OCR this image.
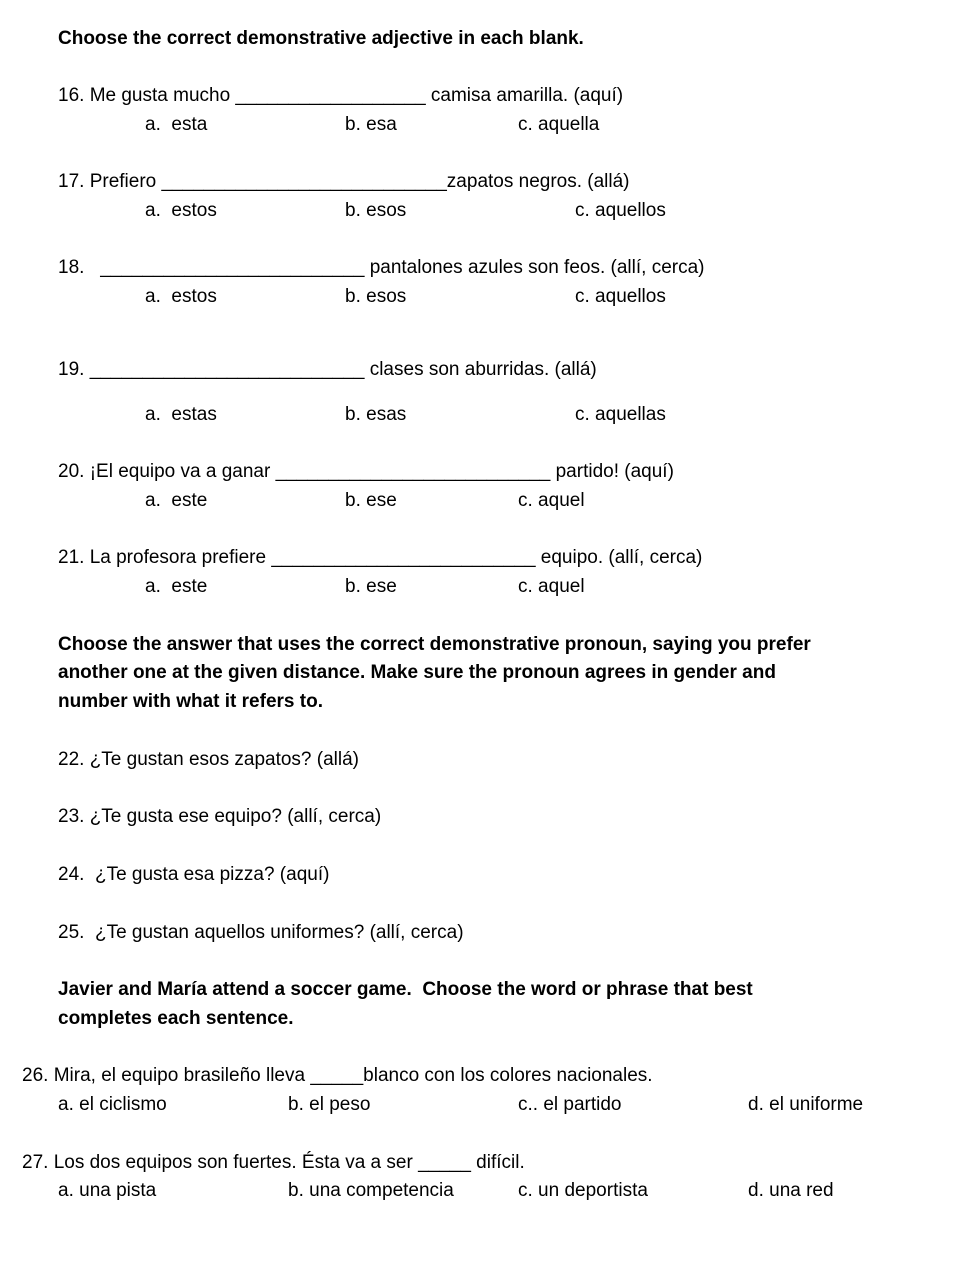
Choose the correct demonstrative adjective in each blank.
16. Me gusta mucho __________________ camisa amarilla. (aquí)
a.  esta	b. esa	c. aquella
17. Prefiero ___________________________zapatos negros. (allá)
a.  estos	b. esos	c. aquellos
18.   _________________________ pantalones azules son feos. (allí, cerca)
a.  estos	b. esos	c. aquellos
19. __________________________ clases son aburridas. (allá)
a.  estas	b. esas	c. aquellas
20. ¡El equipo va a ganar __________________________ partido! (aquí)
a.  este	b. ese	c. aquel
21. La profesora prefiere _________________________ equipo. (allí, cerca)
a.  este	b. ese	c. aquel
Choose the answer that uses the correct demonstrative pronoun, saying you prefer
another one at the given distance. Make sure the pronoun agrees in gender and
number with what it refers to.
22. ¿Te gustan esos zapatos? (allá)
23. ¿Te gusta ese equipo? (allí, cerca)
24.  ¿Te gusta esa pizza? (aquí)
25.  ¿Te gustan aquellos uniformes? (allí, cerca)
Javier and María attend a soccer game.  Choose the word or phrase that best
completes each sentence.
26. Mira, el equipo brasileño lleva _____blanco con los colores nacionales.
a. el ciclismo	b. el peso	c.. el partido	d. el uniforme
27. Los dos equipos son fuertes. Ésta va a ser _____ difícil.
a. una pista	b. una competencia	c. un deportista	d. una red
